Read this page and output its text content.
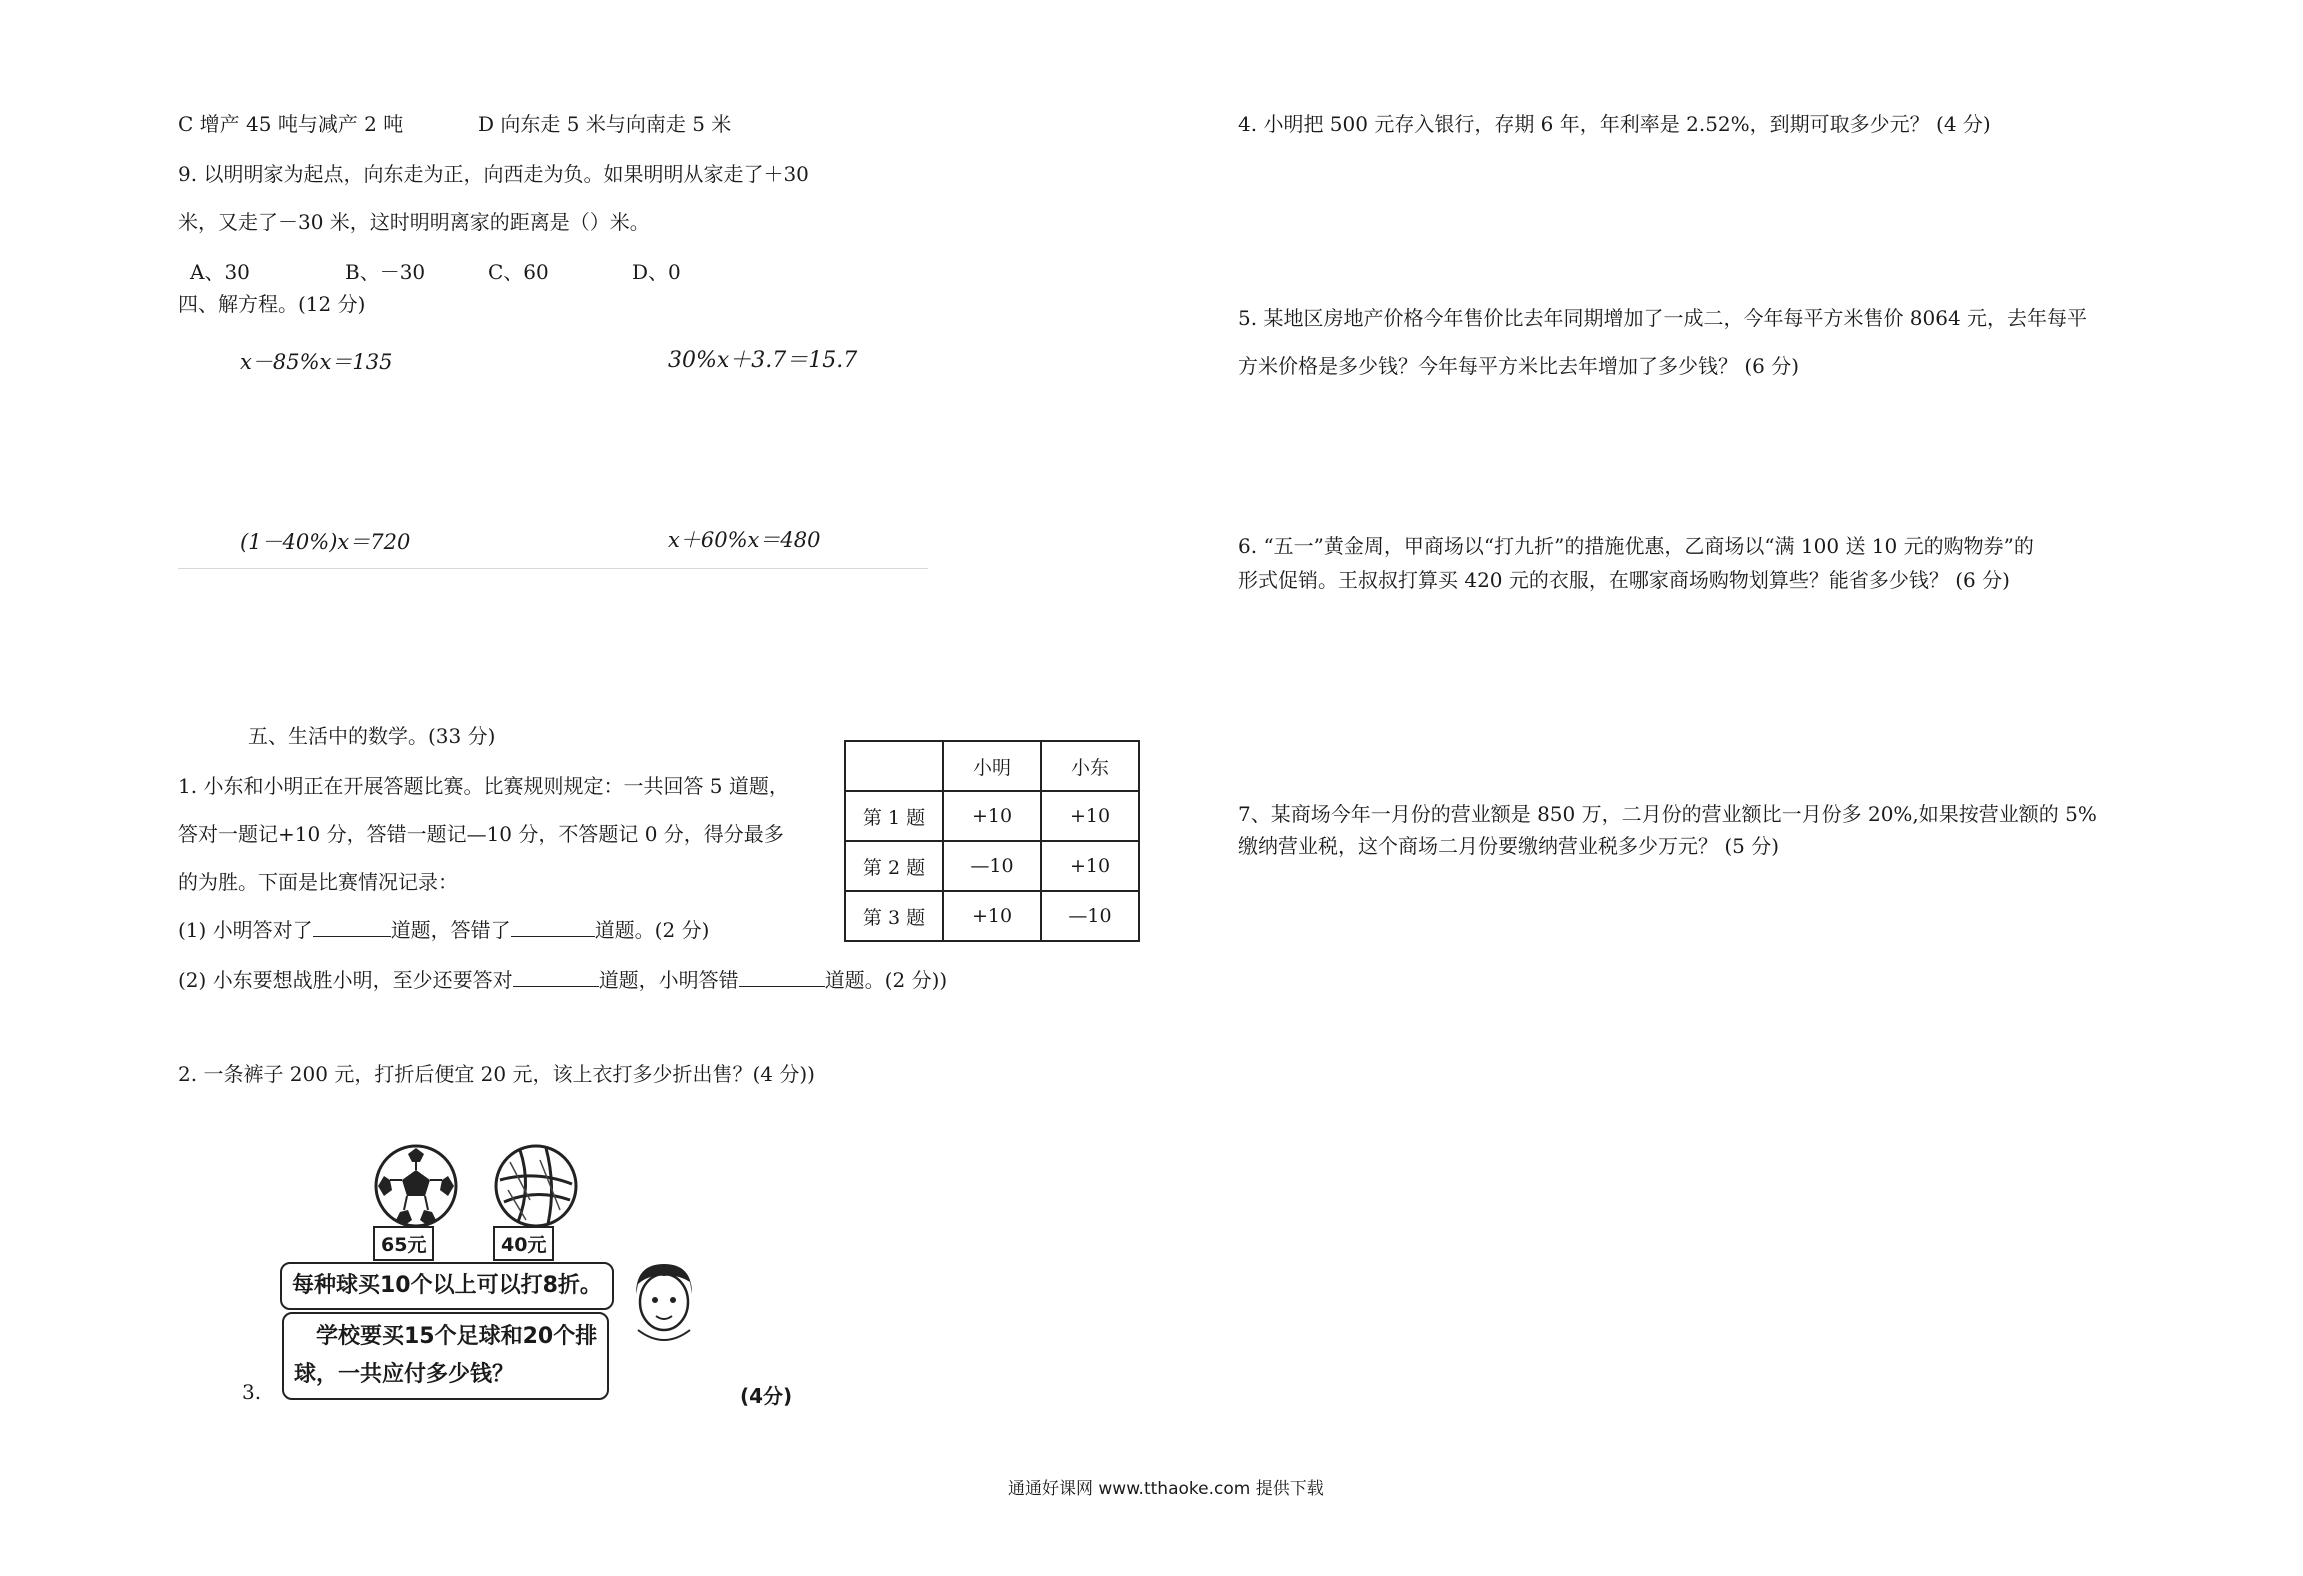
C 增产 45 吨与减产 2 吨	D 向东走 5 米与向南走 5 米
9. 以明明家为起点，向东走为正，向西走为负。如果明明从家走了＋30
米，又走了－30 米，这时明明离家的距离是（）米。
A、30	B、－30	C、60	D、0
四、解方程。(12 分)
x－85%x＝135	30%x＋3.7＝15.7
(1－40%)x＝720	x＋60%x＝480
五、生活中的数学。(33 分)
1. 小东和小明正在开展答题比赛。比赛规则规定：一共回答 5 道题，
答对一题记+10 分，答错一题记—10 分，不答题记 0 分，得分最多
的为胜。下面是比赛情况记录：
(1) 小明答对了	道题，答错了	道题。(2 分)
(2) 小东要想战胜小明，至少还要答对	道题，小明答错	道题。(2 分))
	小明	小东
第 1 题	+10	+10
第 2 题	—10	+10
第 3 题	+10	—10
2. 一条裤子 200 元，打折后便宜 20 元，该上衣打多少折出售？(4 分))
65元	40元
每种球买10个以上可以打8折。
学校要买15个足球和20个排
球，一共应付多少钱？
3.	(4分)
4. 小明把 500 元存入银行，存期 6 年，年利率是 2.52%，到期可取多少元？ (4 分)
5. 某地区房地产价格今年售价比去年同期增加了一成二，今年每平方米售价 8064 元，去年每平
方米价格是多少钱？今年每平方米比去年增加了多少钱？ (6 分)
6. “五一”黄金周，甲商场以“打九折”的措施优惠，乙商场以“满 100 送 10 元的购物券”的
形式促销。王叔叔打算买 420 元的衣服，在哪家商场购物划算些？能省多少钱？ (6 分)
7、某商场今年一月份的营业额是 850 万，二月份的营业额比一月份多 20%,如果按营业额的 5%
缴纳营业税，这个商场二月份要缴纳营业税多少万元？ (5 分)
通通好课网 www.tthaoke.com 提供下载
